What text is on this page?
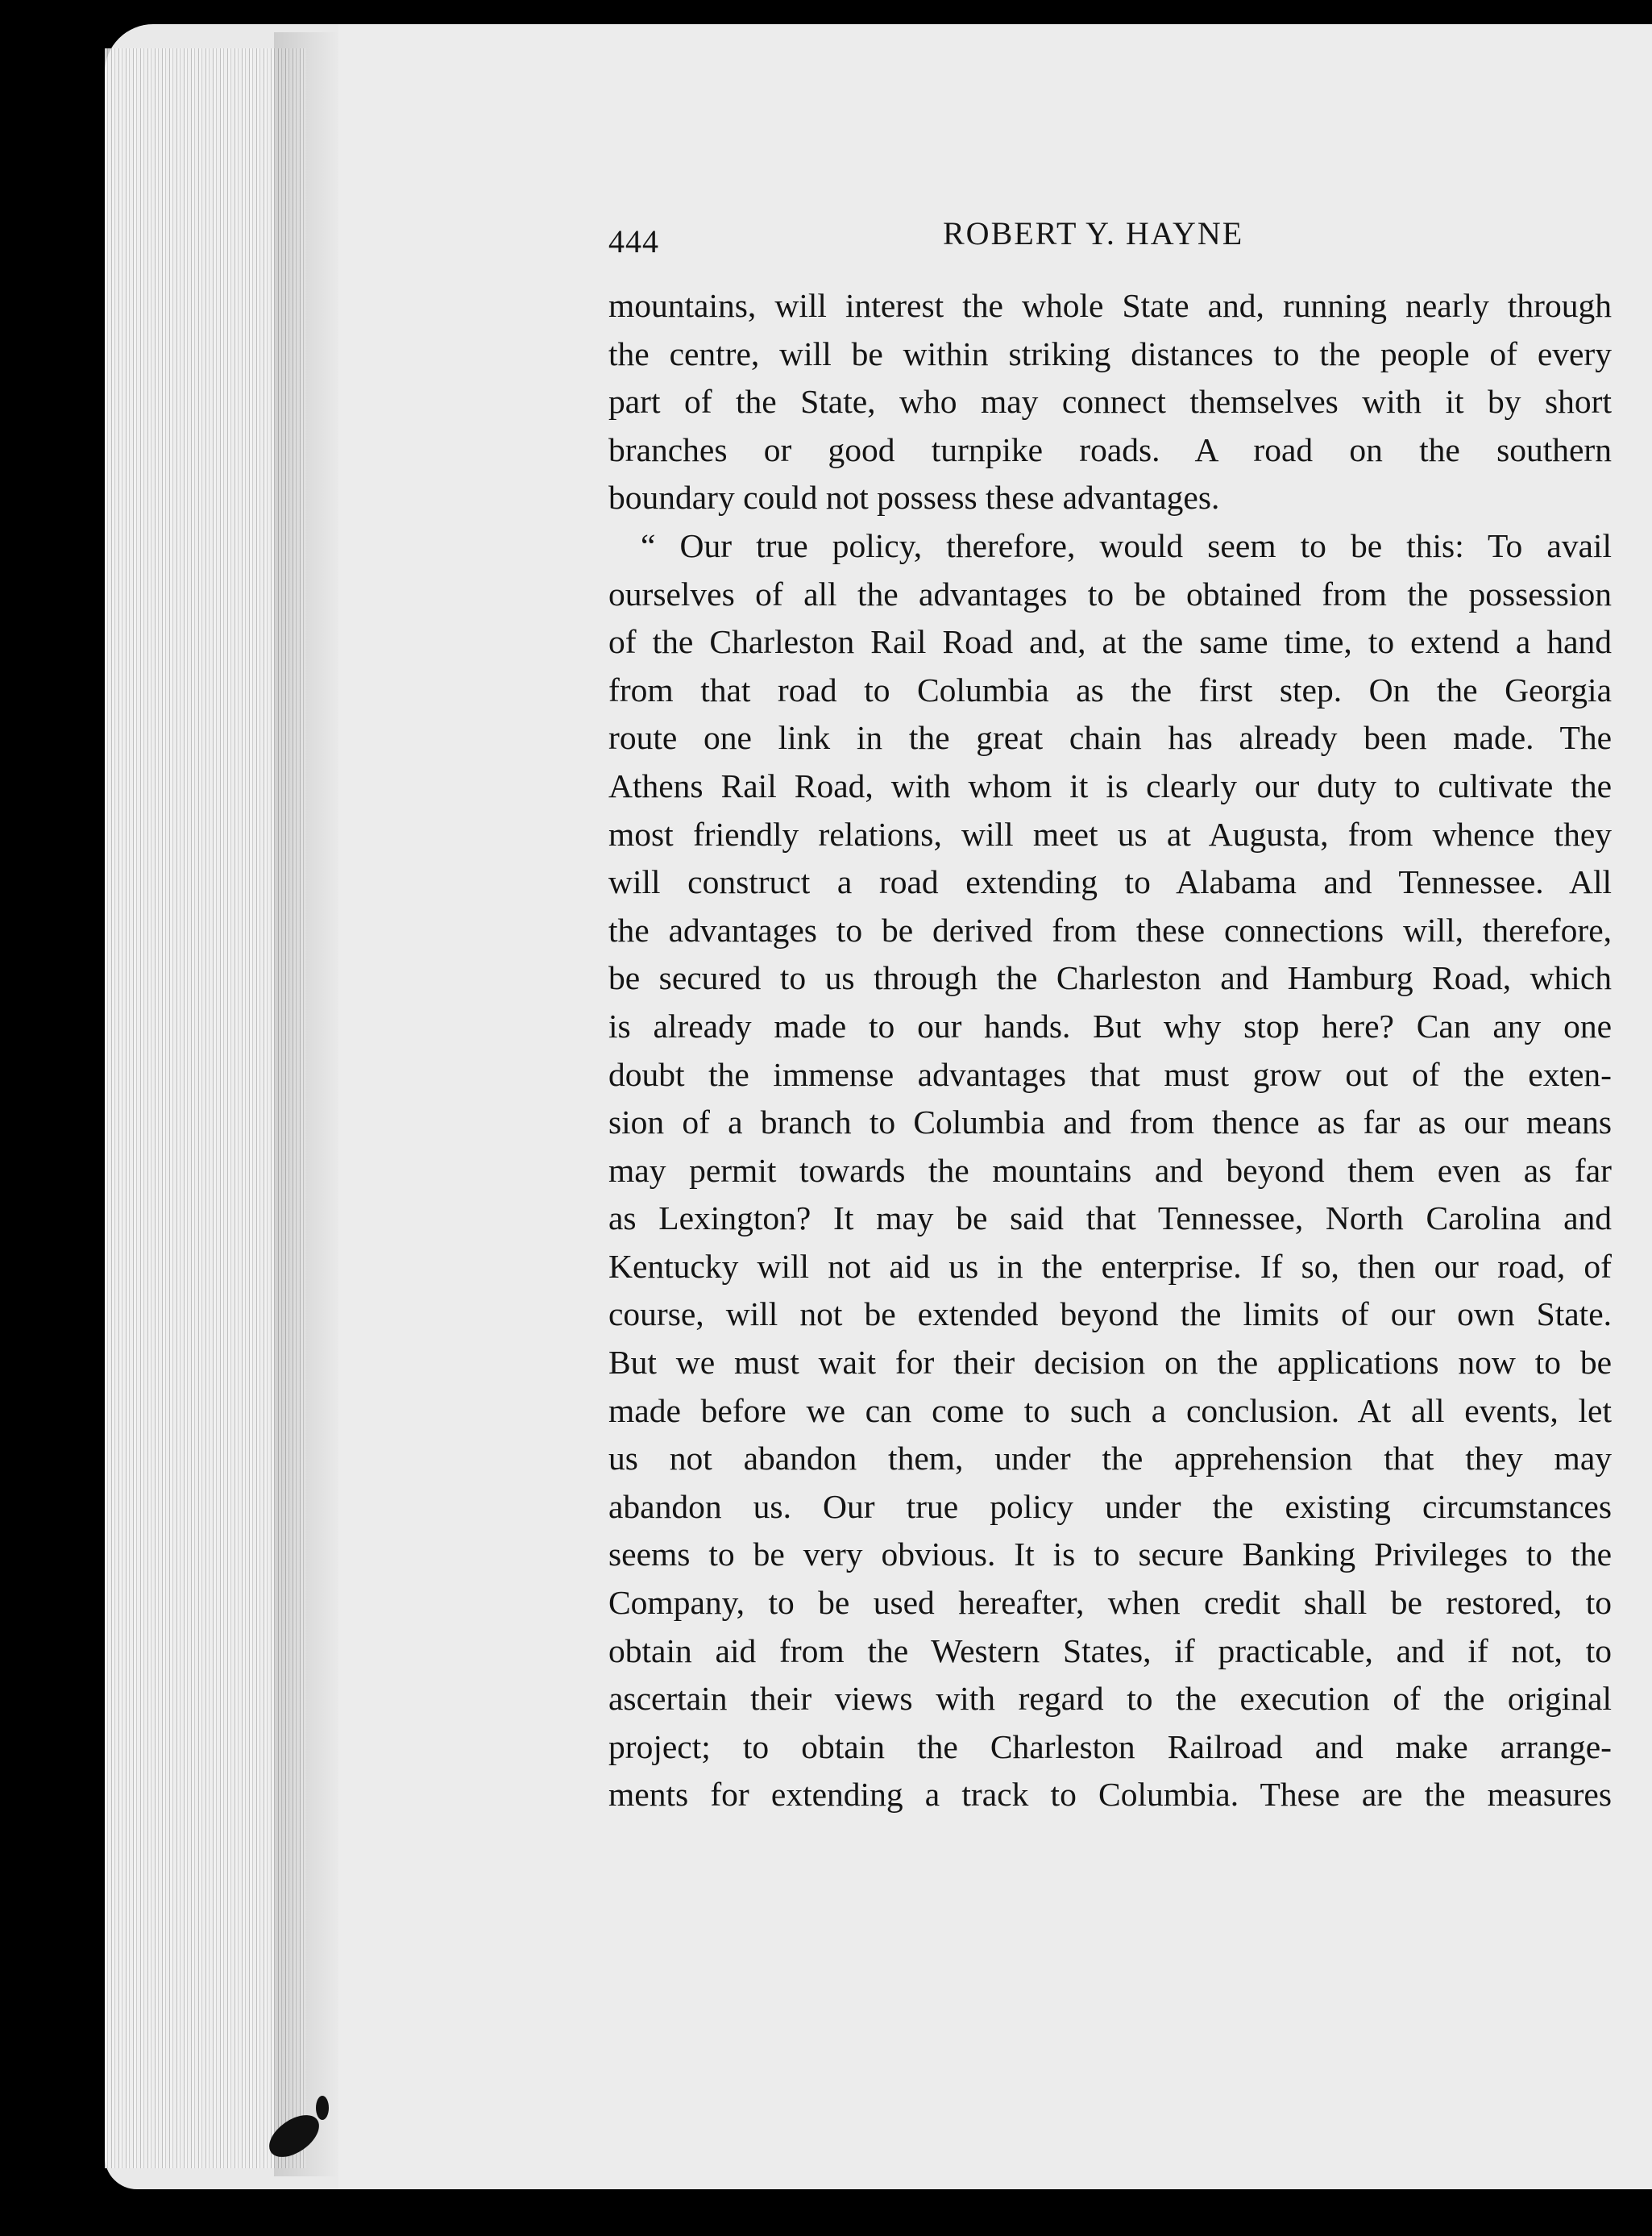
444	ROBERT Y. HAYNE
mountains, will interest the whole State and, running nearly through
the centre, will be within striking distances to the people of every
part of the State, who may connect themselves with it by short
branches or good turnpike roads. A road on the southern
boundary could not possess these advantages.
“ Our true policy, therefore, would seem to be this: To avail
ourselves of all the advantages to be obtained from the possession
of the Charleston Rail Road and, at the same time, to extend a hand
from that road to Columbia as the first step. On the Georgia
route one link in the great chain has already been made. The
Athens Rail Road, with whom it is clearly our duty to cultivate the
most friendly relations, will meet us at Augusta, from whence they
will construct a road extending to Alabama and Tennessee. All
the advantages to be derived from these connections will, therefore,
be secured to us through the Charleston and Hamburg Road, which
is already made to our hands. But why stop here? Can any one
doubt the immense advantages that must grow out of the exten-
sion of a branch to Columbia and from thence as far as our means
may permit towards the mountains and beyond them even as far
as Lexington? It may be said that Tennessee, North Carolina and
Kentucky will not aid us in the enterprise. If so, then our road, of
course, will not be extended beyond the limits of our own State.
But we must wait for their decision on the applications now to be
made before we can come to such a conclusion. At all events, let
us not abandon them, under the apprehension that they may
abandon us. Our true policy under the existing circumstances
seems to be very obvious. It is to secure Banking Privileges to the
Company, to be used hereafter, when credit shall be restored, to
obtain aid from the Western States, if practicable, and if not, to
ascertain their views with regard to the execution of the original
project; to obtain the Charleston Railroad and make arrange-
ments for extending a track to Columbia. These are the measures
